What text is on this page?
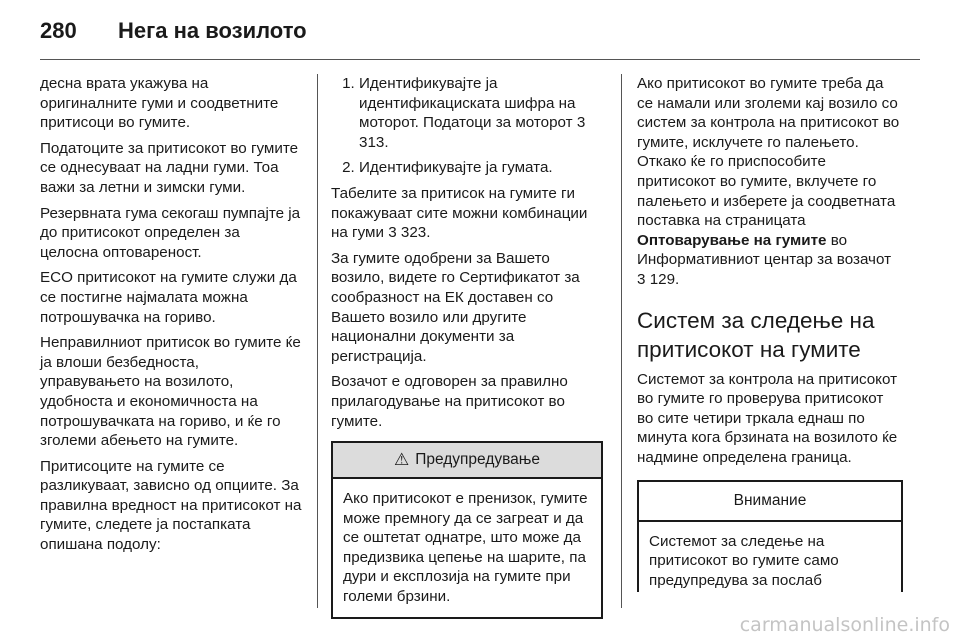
280 Нега на возилото

десна врата укажува на оригиналните гуми и соодветните притисоци во гумите.

Податоците за притисокот во гумите се однесуваат на ладни гуми. Тоа важи за летни и зимски гуми.

Резервната гума секогаш пумпајте ја до притисокот определен за целосна оптовареност.

ECO притисокот на гумите служи да се постигне најмалата можна потрошувачка на гориво.

Неправилниот притисок во гумите ќе ја влоши безбедноста, управувањето на возилото, удобноста и економичноста на потрошувачката на гориво, и ќе го зголеми абењето на гумите.

Притисоците на гумите се разликуваат, зависно од опциите. За правилна вредност на притисокот на гумите, следете ја постапката опишана подолу:

1. Идентификувајте ја идентификациската шифра на моторот. Податоци за моторот 3 313.
2. Идентификувајте ја гумата.

Табелите за притисок на гумите ги покажуваат сите можни комбинации на гуми 3 323.

За гумите одобрени за Вашето возило, видете го Сертификатот за сообразност на ЕК доставен со Вашето возило или другите национални документи за регистрација.

Возачот е одговорен за правилно прилагодување на притисокот во гумите.

⚠ Предупредување
Ако притисокот е пренизок, гумите може премногу да се загреат и да се оштетат однатре, што може да предизвика цепење на шарите, па дури и експлозија на гумите при големи брзини.

Ако притисокот во гумите треба да се намали или зголеми кај возило со систем за контрола на притисокот во гумите, исклучете го палењето. Откако ќе го приспособите притисокот во гумите, вклучете го палењето и изберете ја соодветната поставка на страницата Оптоварување на гумите во Информативниот центар за возачот 3 129.

Систем за следење на притисокот на гумите

Системот за контрола на притисокот во гумите го проверува притисокот во сите четири тркала еднаш по минута кога брзината на возилото ќе надмине определена граница.

Внимание
Системот за следење на притисокот во гумите само предупредува за послаб
carmanualsonline.info
